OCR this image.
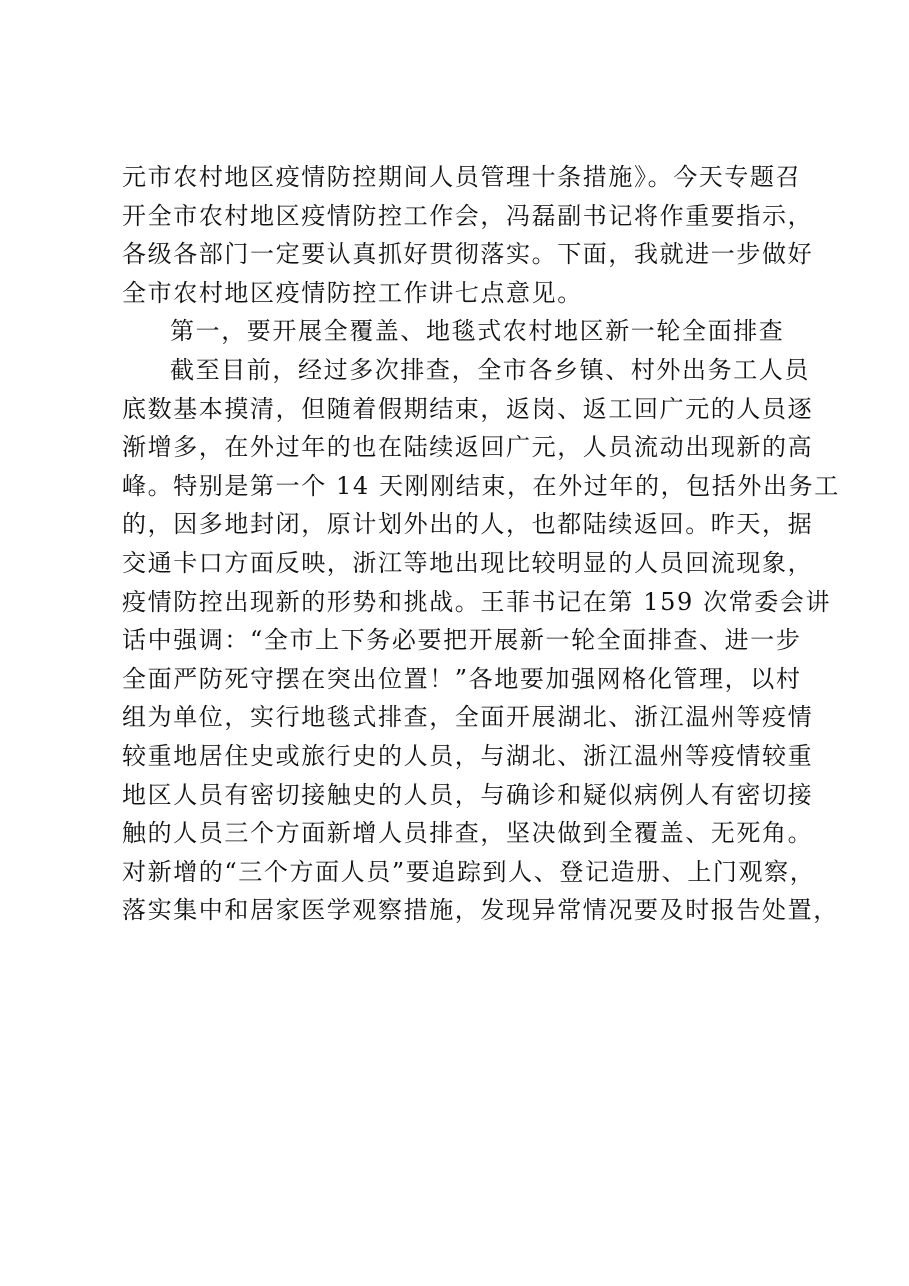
元市农村地区疫情防控期间人员管理十条措施》。今天专题召
开全市农村地区疫情防控工作会，冯磊副书记将作重要指示，
各级各部门一定要认真抓好贯彻落实。下面，我就进一步做好
全市农村地区疫情防控工作讲七点意见。
第一，要开展全覆盖、地毯式农村地区新一轮全面排查
截至目前，经过多次排查，全市各乡镇、村外出务工人员
底数基本摸清，但随着假期结束，返岗、返工回广元的人员逐
渐增多，在外过年的也在陆续返回广元，人员流动出现新的高
峰。特别是第一个 14 天刚刚结束，在外过年的，包括外出务工
的，因多地封闭，原计划外出的人，也都陆续返回。昨天，据
交通卡口方面反映，浙江等地出现比较明显的人员回流现象，
疫情防控出现新的形势和挑战。王菲书记在第 159 次常委会讲
话中强调：“全市上下务必要把开展新一轮全面排查、进一步
全面严防死守摆在突出位置！”各地要加强网格化管理，以村
组为单位，实行地毯式排查，全面开展湖北、浙江温州等疫情
较重地居住史或旅行史的人员，与湖北、浙江温州等疫情较重
地区人员有密切接触史的人员，与确诊和疑似病例人有密切接
触的人员三个方面新增人员排查，坚决做到全覆盖、无死角。
对新增的“三个方面人员”要追踪到人、登记造册、上门观察，
落实集中和居家医学观察措施，发现异常情况要及时报告处置，
